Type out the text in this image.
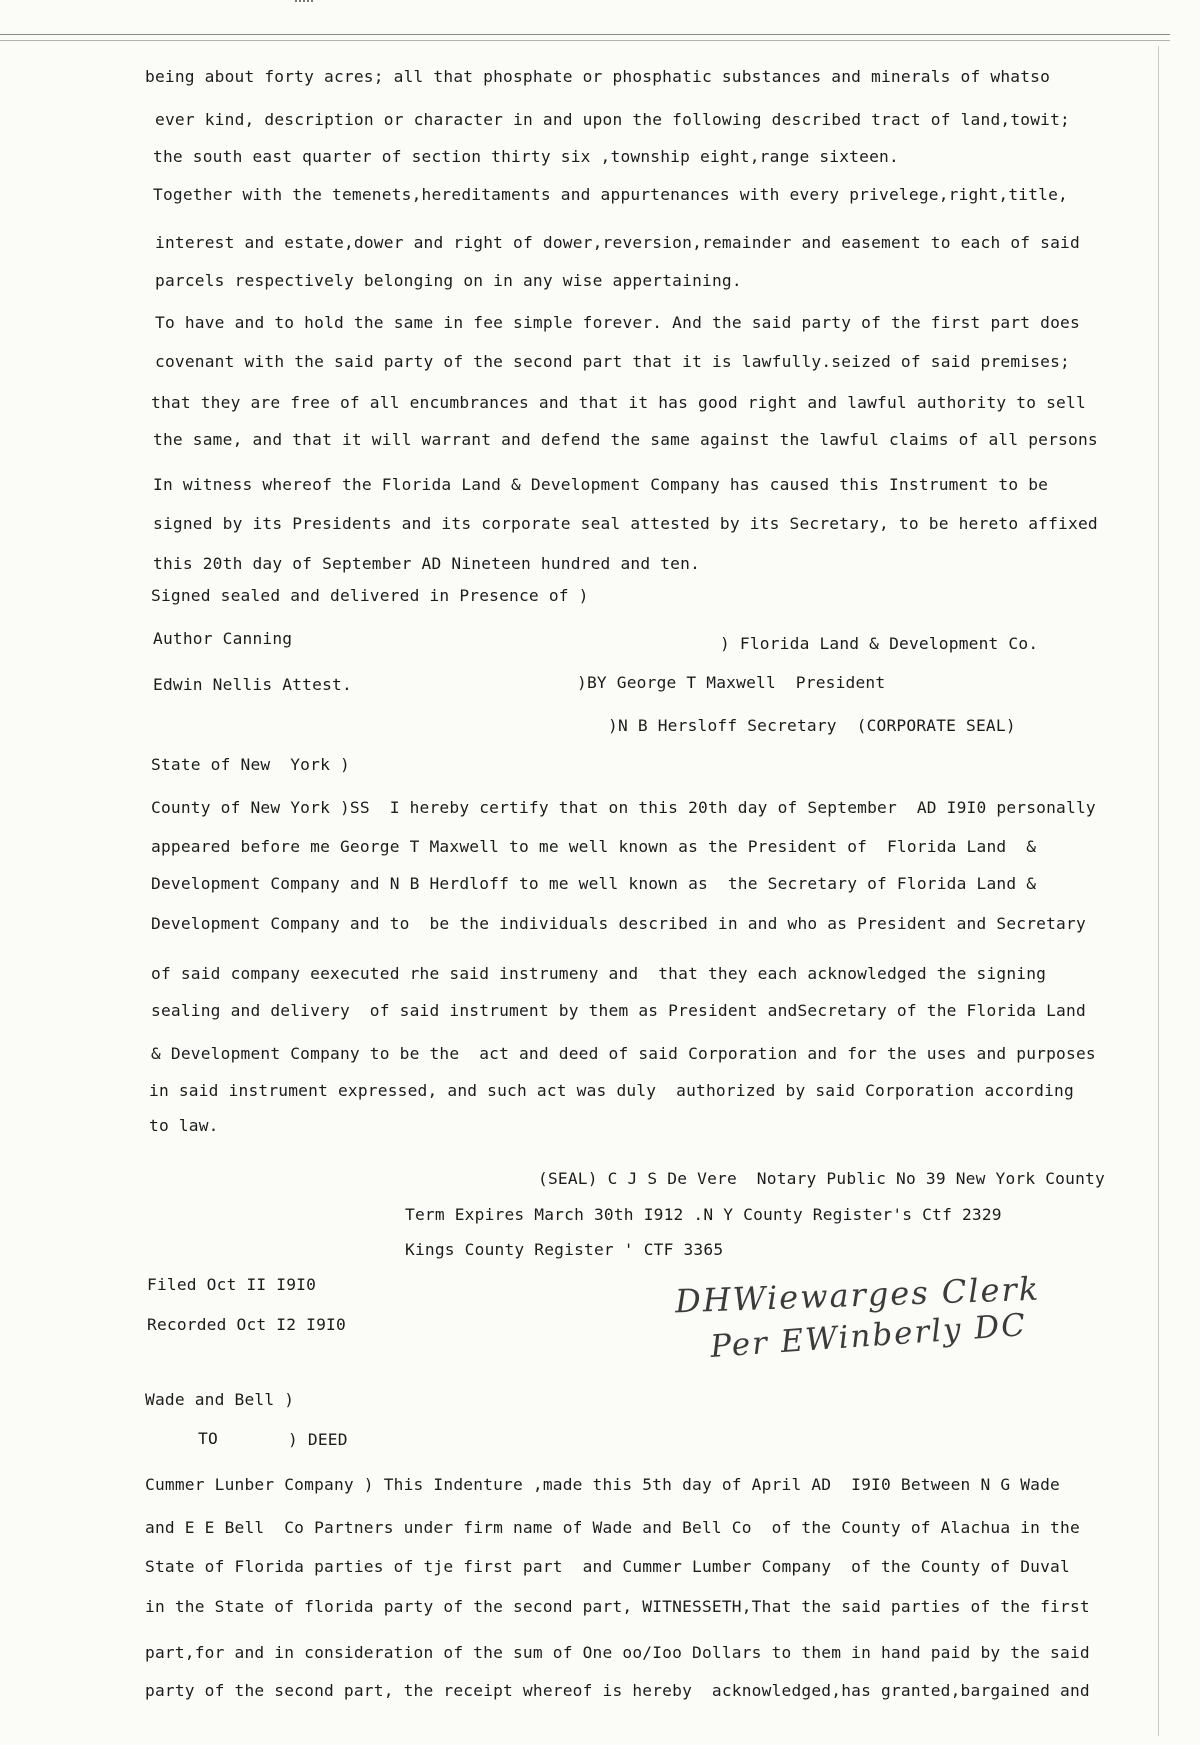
being about forty acres; all that phosphate or phosphatic substances and minerals of whatso
ever kind, description or character in and upon the following described tract of land,towit;
the south east quarter of section thirty six ,township eight,range sixteen.
Together with the temenets,hereditaments and appurtenances with every privelege,right,title,
interest and estate,dower and right of dower,reversion,remainder and easement to each of said
parcels respectively belonging on in any wise appertaining.
To have and to hold the same in fee simple forever. And the said party of the first part does
covenant with the said party of the second part that it is lawfully.seized of said premises;
that they are free of all encumbrances and that it has good right and lawful authority to sell
the same, and that it will warrant and defend the same against the lawful claims of all persons
In witness whereof the Florida Land & Development Company has caused this Instrument to be
signed by its Presidents and its corporate seal attested by its Secretary, to be hereto affixed
this 20th day of September AD Nineteen hundred and ten.
Signed sealed and delivered in Presence of )
Author Canning	) Florida Land & Development Co.
Edwin Nellis Attest.	)BY George T Maxwell  President
)N B Hersloff Secretary  (CORPORATE SEAL)
State of New  York )
County of New York )SS  I hereby certify that on this 20th day of September  AD I9I0 personally
appeared before me George T Maxwell to me well known as the President of  Florida Land  &
Development Company and N B Herdloff to me well known as  the Secretary of Florida Land &
Development Company and to  be the individuals described in and who as President and Secretary
of said company eexecuted rhe said instrumeny and  that they each acknowledged the signing
sealing and delivery  of said instrument by them as President andSecretary of the Florida Land
& Development Company to be the  act and deed of said Corporation and for the uses and purposes
in said instrument expressed, and such act was duly  authorized by said Corporation according
to law.
(SEAL) C J S De Vere  Notary Public No 39 New York County
Term Expires March 30th I912 .N Y County Register's Ctf 2329
Kings County Register ' CTF 3365
Filed Oct II I9I0
Recorded Oct I2 I9I0
DHWiewarges Clerk
Per EWinberly DC
Wade and Bell )
TO	) DEED
Cummer Lunber Company ) This Indenture ,made this 5th day of April AD  I9I0 Between N G Wade
and E E Bell  Co Partners under firm name of Wade and Bell Co  of the County of Alachua in the
State of Florida parties of tje first part  and Cummer Lumber Company  of the County of Duval
in the State of florida party of the second part, WITNESSETH,That the said parties of the first
part,for and in consideration of the sum of One oo/Ioo Dollars to them in hand paid by the said
party of the second part, the receipt whereof is hereby  acknowledged,has granted,bargained and
